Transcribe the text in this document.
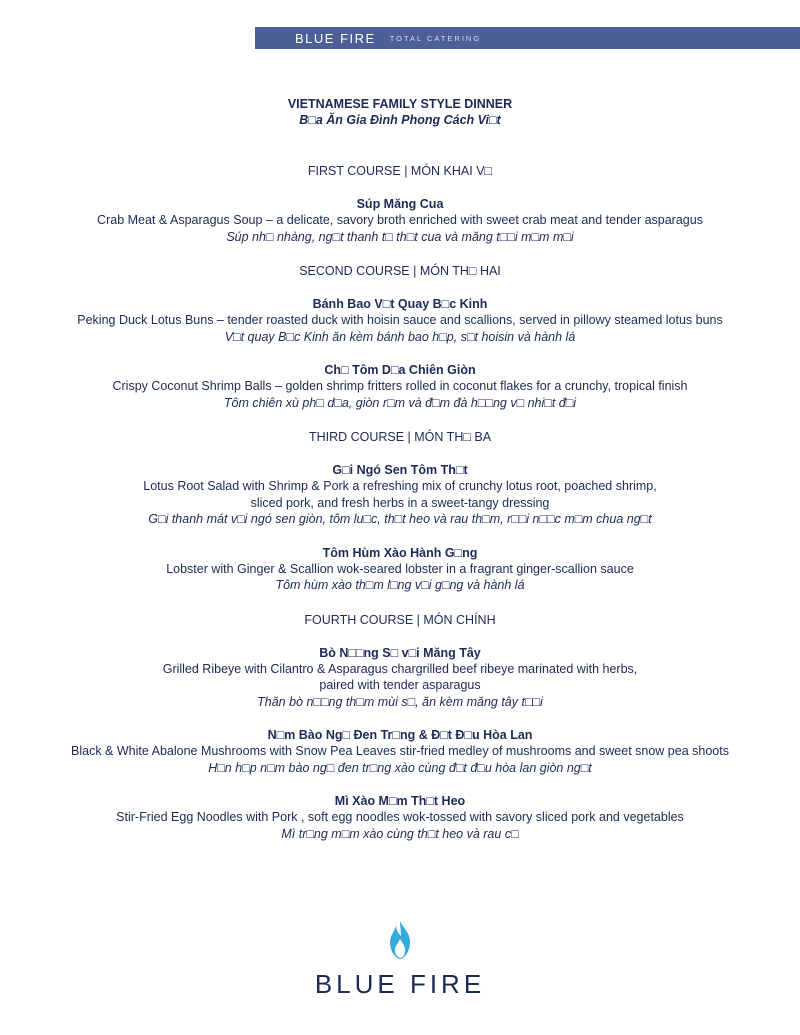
BLUE FIRE TOTAL CATERING
VIETNAMESE FAMILY STYLE DINNER
B□a Ăn Gia Đình Phong Cách Vi□t
FIRST COURSE | MÓN KHAI V□
Súp Măng Cua
Crab Meat & Asparagus Soup – a delicate, savory broth enriched with sweet crab meat and tender asparagus
Súp nh□ nhàng, ng□t thanh t□ th□t cua và măng t□□i m□m m□i
SECOND COURSE | MÓN TH□ HAI
Bánh Bao V□t Quay B□c Kinh
Peking Duck Lotus Buns – tender roasted duck with hoisin sauce and scallions, served in pillowy steamed lotus buns
V□t quay B□c Kinh ăn kèm bánh bao h□p, s□t hoisin và hành lá
Ch□ Tôm D□a Chiên Giòn
Crispy Coconut Shrimp Balls – golden shrimp fritters rolled in coconut flakes for a crunchy, tropical finish
Tôm chiên xù ph□ d□a, giòn r□m và đ□m đà h□□ng v□ nhi□t đ□i
THIRD COURSE | MÓN TH□ BA
G□i Ngó Sen Tôm Th□t
Lotus Root Salad with Shrimp & Pork a refreshing mix of crunchy lotus root, poached shrimp,
sliced pork, and fresh herbs in a sweet-tangy dressing
G□i thanh mát v□i ngó sen giòn, tôm lu□c, th□t heo và rau th□m, r□□i n□□c m□m chua ng□t
Tôm Hùm Xào Hành G□ng
Lobster with Ginger & Scallion wok-seared lobster in a fragrant ginger-scallion sauce
Tôm hùm xào th□m l□ng v□i g□ng và hành lá
FOURTH COURSE | MÓN CHÍNH
Bò N□□ng S□ v□i Măng Tây
Grilled Ribeye with Cilantro & Asparagus chargrilled beef ribeye marinated with herbs,
paired with tender asparagus
Thăn bò n□□ng th□m mùi s□, ăn kèm măng tây t□□i
N□m Bào Ng□ Đen Tr□ng & Đ□t Đ□u Hòa Lan
Black & White Abalone Mushrooms with Snow Pea Leaves stir-fried medley of mushrooms and sweet snow pea shoots
H□n h□p n□m bào ng□ đen tr□ng xào cùng đ□t đ□u hòa lan giòn ng□t
Mì Xào M□m Th□t Heo
Stir-Fried Egg Noodles with Pork , soft egg noodles wok-tossed with savory sliced pork and vegetables
Mì tr□ng m□m xào cùng th□t heo và rau c□
BLUE FIRE
